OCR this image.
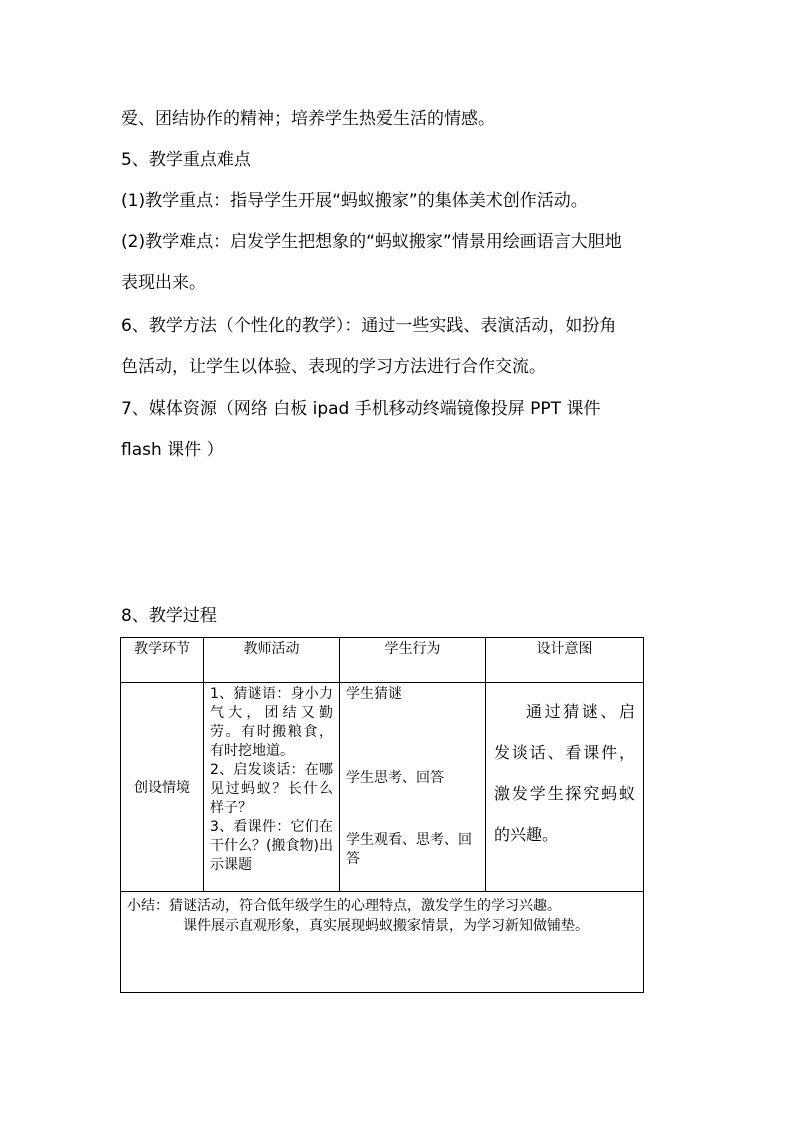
爱、团结协作的精神；培养学生热爱生活的情感。
5、教学重点难点
(1)教学重点：指导学生开展“蚂蚁搬家”的集体美术创作活动。
(2)教学难点：启发学生把想象的“蚂蚁搬家”情景用绘画语言大胆地
表现出来。
6、教学方法（个性化的教学）：通过一些实践、表演活动，如扮角
色活动，让学生以体验、表现的学习方法进行合作交流。
7、媒体资源（网络 白板 ipad 手机移动终端镜像投屏 PPT 课件
flash 课件 ）
8、教学过程
教学环节	教师活动	学生行为	设计意图
创设情境	1、猜谜语：身小力气大，团结又勤劳。有时搬粮食，有时挖地道。
2、启发谈话：在哪见过蚂蚁？长什么样子？
3、看课件：它们在干什么？(搬食物)出示课题	学生猜谜
学生思考、回答
学生观看、思考、回答	通过猜谜、启发谈话、看课件，激发学生探究蚂蚁的兴趣。

小结：猜谜活动，符合低年级学生的心理特点，激发学生的学习兴趣。
课件展示直观形象，真实展现蚂蚁搬家情景，为学习新知做铺垫。			
